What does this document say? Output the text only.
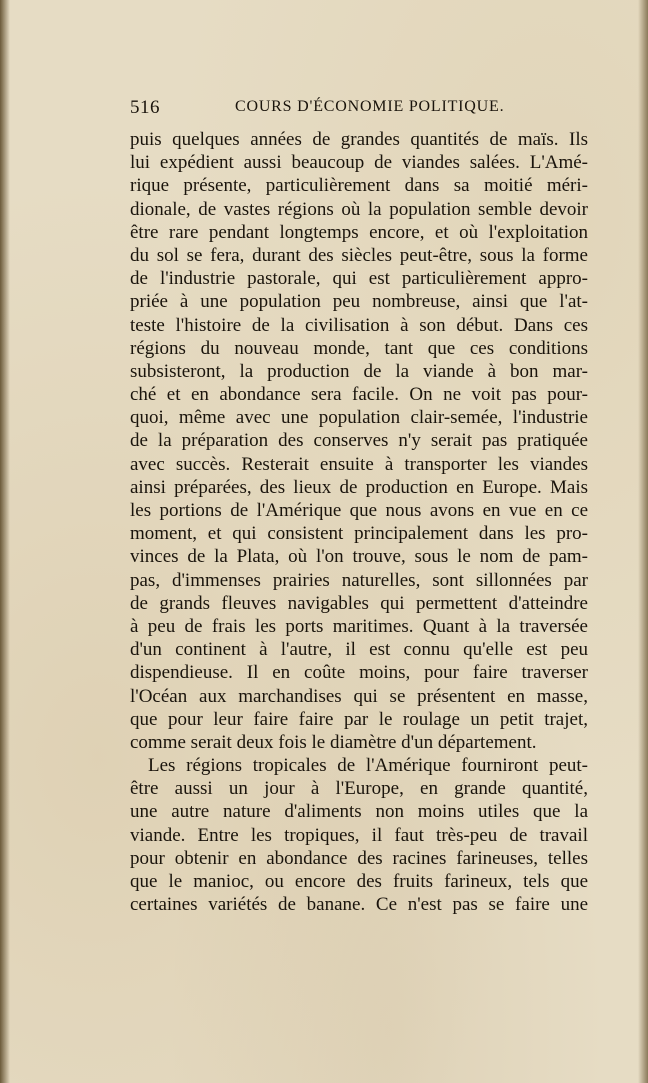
516	COURS D'ÉCONOMIE POLITIQUE.
puis quelques années de grandes quantités de maïs. Ils
lui expédient aussi beaucoup de viandes salées. L'Amé-
rique présente, particulièrement dans sa moitié méri-
dionale, de vastes régions où la population semble devoir
être rare pendant longtemps encore, et où l'exploitation
du sol se fera, durant des siècles peut-être, sous la forme
de l'industrie pastorale, qui est particulièrement appro-
priée à une population peu nombreuse, ainsi que l'at-
teste l'histoire de la civilisation à son début. Dans ces
régions du nouveau monde, tant que ces conditions
subsisteront, la production de la viande à bon mar-
ché et en abondance sera facile. On ne voit pas pour-
quoi, même avec une population clair-semée, l'industrie
de la préparation des conserves n'y serait pas pratiquée
avec succès. Resterait ensuite à transporter les viandes
ainsi préparées, des lieux de production en Europe. Mais
les portions de l'Amérique que nous avons en vue en ce
moment, et qui consistent principalement dans les pro-
vinces de la Plata, où l'on trouve, sous le nom de pam-
pas, d'immenses prairies naturelles, sont sillonnées par
de grands fleuves navigables qui permettent d'atteindre
à peu de frais les ports maritimes. Quant à la traversée
d'un continent à l'autre, il est connu qu'elle est peu
dispendieuse. Il en coûte moins, pour faire traverser
l'Océan aux marchandises qui se présentent en masse,
que pour leur faire faire par le roulage un petit trajet,
comme serait deux fois le diamètre d'un département.
Les régions tropicales de l'Amérique fourniront peut-
être aussi un jour à l'Europe, en grande quantité,
une autre nature d'aliments non moins utiles que la
viande. Entre les tropiques, il faut très-peu de travail
pour obtenir en abondance des racines farineuses, telles
que le manioc, ou encore des fruits farineux, tels que
certaines variétés de banane. Ce n'est pas se faire une
